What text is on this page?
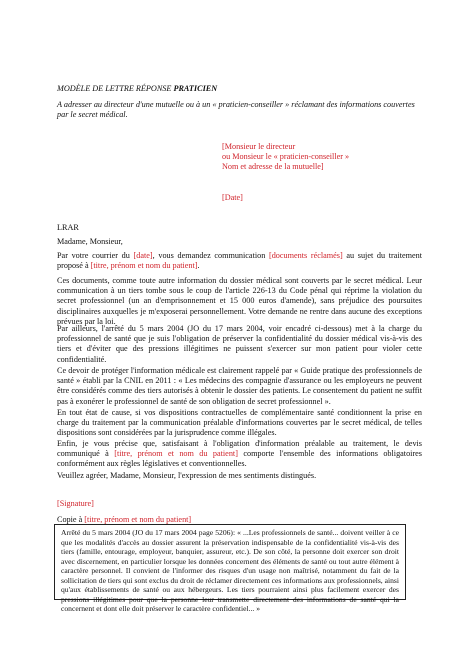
MODÈLE DE LETTRE RÉPONSE PRATICIEN
A adresser au directeur d'une mutuelle ou à un « praticien-conseiller » réclamant des informations couvertes par le secret médical.
[Monsieur le directeur
ou Monsieur le « praticien-conseiller »
Nom et adresse de la mutuelle]
[Date]
LRAR
Madame, Monsieur,
Par votre courrier du [date], vous demandez communication [documents réclamés] au sujet du traitement proposé à [titre, prénom et nom du patient].
Ces documents, comme toute autre information du dossier médical sont couverts par le secret médical. Leur communication à un tiers tombe sous le coup de l'article 226-13 du Code pénal qui réprime la violation du secret professionnel (un an d'emprisonnement et 15 000 euros d'amende), sans préjudice des poursuites disciplinaires auxquelles je m'exposerai personnellement. Votre demande ne rentre dans aucune des exceptions prévues par la loi.
Par ailleurs, l'arrêté du 5 mars 2004 (JO du 17 mars 2004, voir encadré ci-dessous) met à la charge du professionnel de santé que je suis l'obligation de préserver la confidentialité du dossier médical vis-à-vis des tiers et d'éviter que des pressions illégitimes ne puissent s'exercer sur mon patient pour violer cette confidentialité.
Ce devoir de protéger l'information médicale est clairement rappelé par « Guide pratique des professionnels de santé » établi par la CNIL en 2011 : « Les médecins des compagnie d'assurance ou les employeurs ne peuvent être considérés comme des tiers autorisés à obtenir le dossier des patients. Le consentement du patient ne suffit pas à exonérer le professionnel de santé de son obligation de secret professionnel ».
En tout état de cause, si vos dispositions contractuelles de complémentaire santé conditionnent la prise en charge du traitement par la communication préalable d'informations couvertes par le secret médical, de telles dispositions sont considérées par la jurisprudence comme illégales.
Enfin, je vous précise que, satisfaisant à l'obligation d'information préalable au traitement, le devis communiqué à [titre, prénom et nom du patient] comporte l'ensemble des informations obligatoires conformément aux règles législatives et conventionnelles.
Veuillez agréer, Madame, Monsieur, l'expression de mes sentiments distingués.
[Signature]
Copie à [titre, prénom et nom du patient]
Arrêté du 5 mars 2004 (JO du 17 mars 2004 page 5206): « ...Les professionnels de santé... doivent veiller à ce que les modalités d'accès au dossier assurent la préservation indispensable de la confidentialité vis-à-vis des tiers (famille, entourage, employeur, banquier, assureur, etc.). De son côté, la personne doit exercer son droit avec discernement, en particulier lorsque les données concernent des éléments de santé ou tout autre élément à caractère personnel. Il convient de l'informer des risques d'un usage non maîtrisé, notamment du fait de la sollicitation de tiers qui sont exclus du droit de réclamer directement ces informations aux professionnels, ainsi qu'aux établissements de santé ou aux hébergeurs. Les tiers pourraient ainsi plus facilement exercer des pressions illégitimes pour que la personne leur transmette directement des informations de santé qui la concernent et dont elle doit préserver le caractère confidentiel... »
